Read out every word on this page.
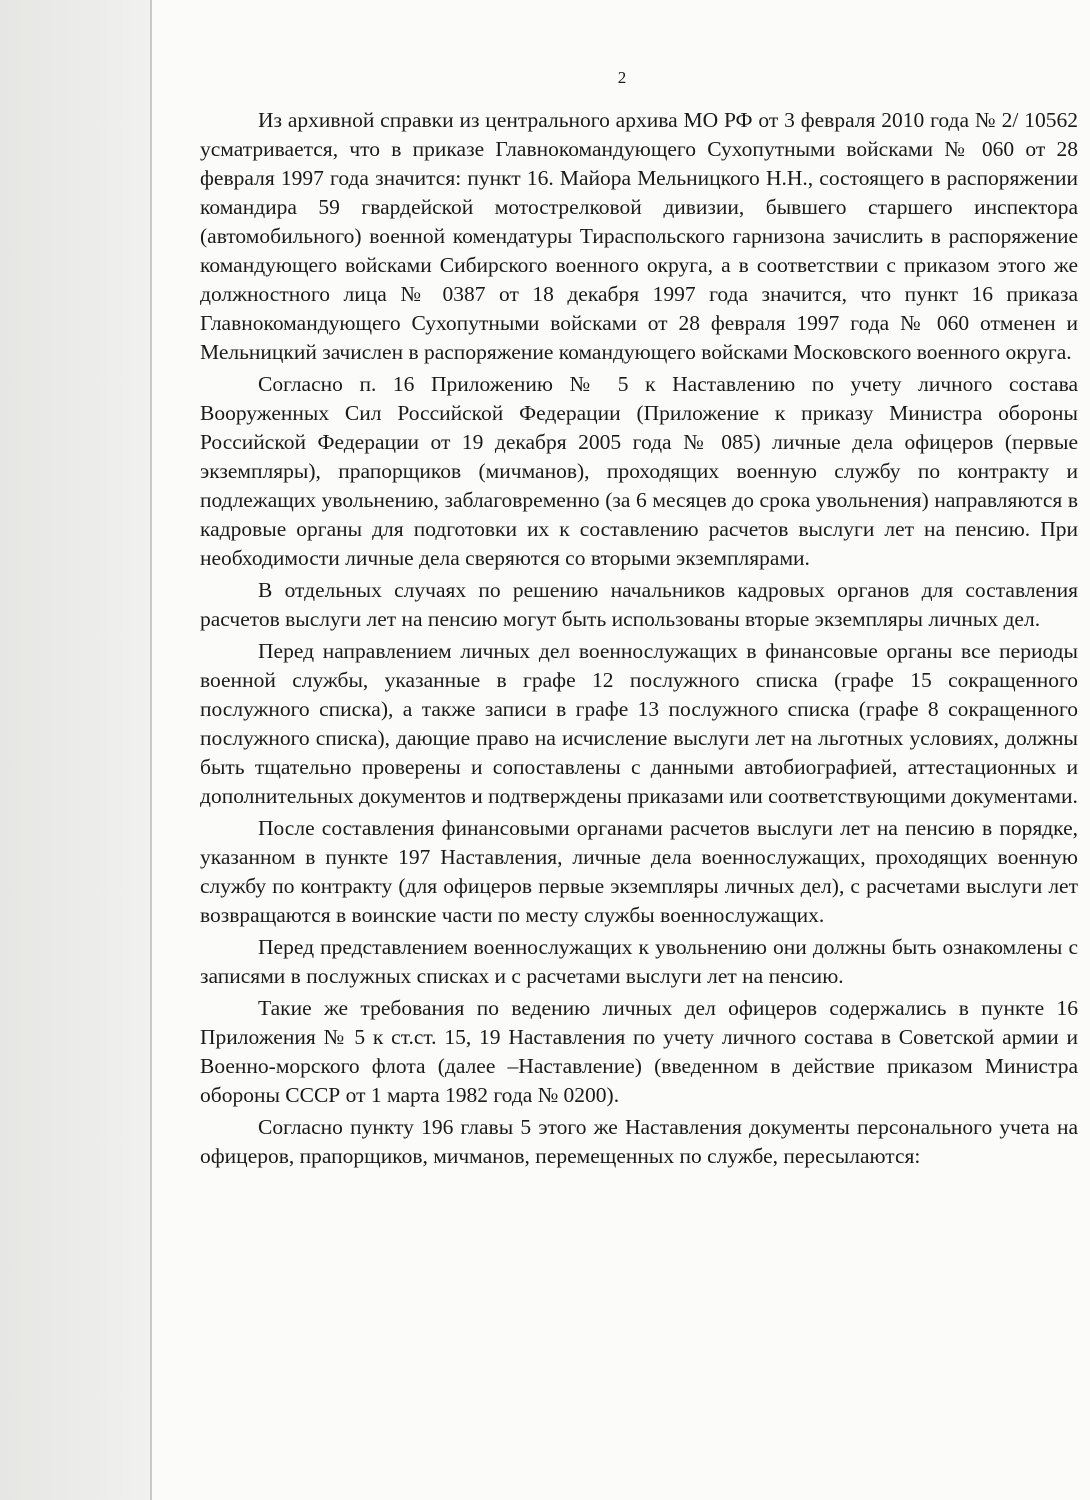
2

Из архивной справки из центрального архива МО РФ от 3 февраля 2010 года № 2/ 10562 усматривается, что в приказе Главнокомандующего Сухопутными войсками № 060 от 28 февраля 1997 года значится: пункт 16. Майора Мельницкого Н.Н., состоящего в распоряжении командира 59 гвардейской мотострелковой дивизии, бывшего старшего инспектора (автомобильного) военной комендатуры Тираспольского гарнизона зачислить в распоряжение командующего войсками Сибирского военного округа, а в соответствии с приказом этого же должностного лица № 0387 от 18 декабря 1997 года значится, что пункт 16 приказа Главнокомандующего Сухопутными войсками от 28 февраля 1997 года № 060 отменен и Мельницкий зачислен в распоряжение командующего войсками Московского военного округа.

Согласно п. 16 Приложению № 5 к Наставлению по учету личного состава Вооруженных Сил Российской Федерации (Приложение к приказу Министра обороны Российской Федерации от 19 декабря 2005 года № 085) личные дела офицеров (первые экземпляры), прапорщиков (мичманов), проходящих военную службу по контракту и подлежащих увольнению, заблаговременно (за 6 месяцев до срока увольнения) направляются в кадровые органы для подготовки их к составлению расчетов выслуги лет на пенсию. При необходимости личные дела сверяются со вторыми экземплярами.

В отдельных случаях по решению начальников кадровых органов для составления расчетов выслуги лет на пенсию могут быть использованы вторые экземпляры личных дел.

Перед направлением личных дел военнослужащих в финансовые органы все периоды военной службы, указанные в графе 12 послужного списка (графе 15 сокращенного послужного списка), а также записи в графе 13 послужного списка (графе 8 сокращенного послужного списка), дающие право на исчисление выслуги лет на льготных условиях, должны быть тщательно проверены и сопоставлены с данными автобиографией, аттестационных и дополнительных документов и подтверждены приказами или соответствующими документами.

После составления финансовыми органами расчетов выслуги лет на пенсию в порядке, указанном в пункте 197 Наставления, личные дела военнослужащих, проходящих военную службу по контракту (для офицеров первые экземпляры личных дел), с расчетами выслуги лет возвращаются в воинские части по месту службы военнослужащих.

Перед представлением военнослужащих к увольнению они должны быть ознакомлены с записями в послужных списках и с расчетами выслуги лет на пенсию.

Такие же требования по ведению личных дел офицеров содержались в пункте 16 Приложения № 5 к ст.ст. 15, 19 Наставления по учету личного состава в Советской армии и Военно-морского флота (далее –Наставление) (введенном в действие приказом Министра обороны СССР от 1 марта 1982 года № 0200).

Согласно пункту 196 главы 5 этого же Наставления документы персонального учета на офицеров, прапорщиков, мичманов, перемещенных по службе, пересылаются:
